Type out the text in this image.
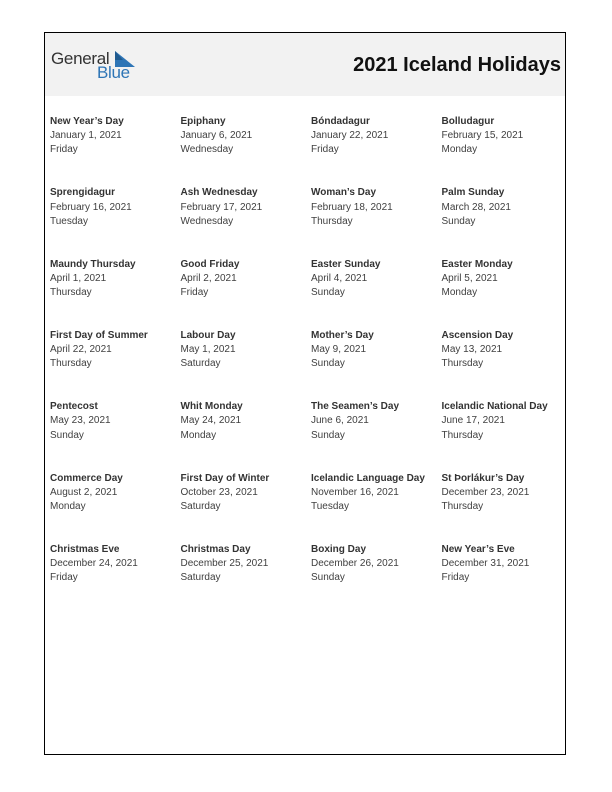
General
Blue	2021 Iceland Holidays
New Year’s Day
January 1, 2021
Friday
Epiphany
January 6, 2021
Wednesday
Bóndadagur
January 22, 2021
Friday
Bolludagur
February 15, 2021
Monday
Sprengidagur
February 16, 2021
Tuesday
Ash Wednesday
February 17, 2021
Wednesday
Woman’s Day
February 18, 2021
Thursday
Palm Sunday
March 28, 2021
Sunday
Maundy Thursday
April 1, 2021
Thursday
Good Friday
April 2, 2021
Friday
Easter Sunday
April 4, 2021
Sunday
Easter Monday
April 5, 2021
Monday
First Day of Summer
April 22, 2021
Thursday
Labour Day
May 1, 2021
Saturday
Mother’s Day
May 9, 2021
Sunday
Ascension Day
May 13, 2021
Thursday
Pentecost
May 23, 2021
Sunday
Whit Monday
May 24, 2021
Monday
The Seamen’s Day
June 6, 2021
Sunday
Icelandic National Day
June 17, 2021
Thursday
Commerce Day
August 2, 2021
Monday
First Day of Winter
October 23, 2021
Saturday
Icelandic Language Day
November 16, 2021
Tuesday
St Þorlákur’s Day
December 23, 2021
Thursday
Christmas Eve
December 24, 2021
Friday
Christmas Day
December 25, 2021
Saturday
Boxing Day
December 26, 2021
Sunday
New Year’s Eve
December 31, 2021
Friday
